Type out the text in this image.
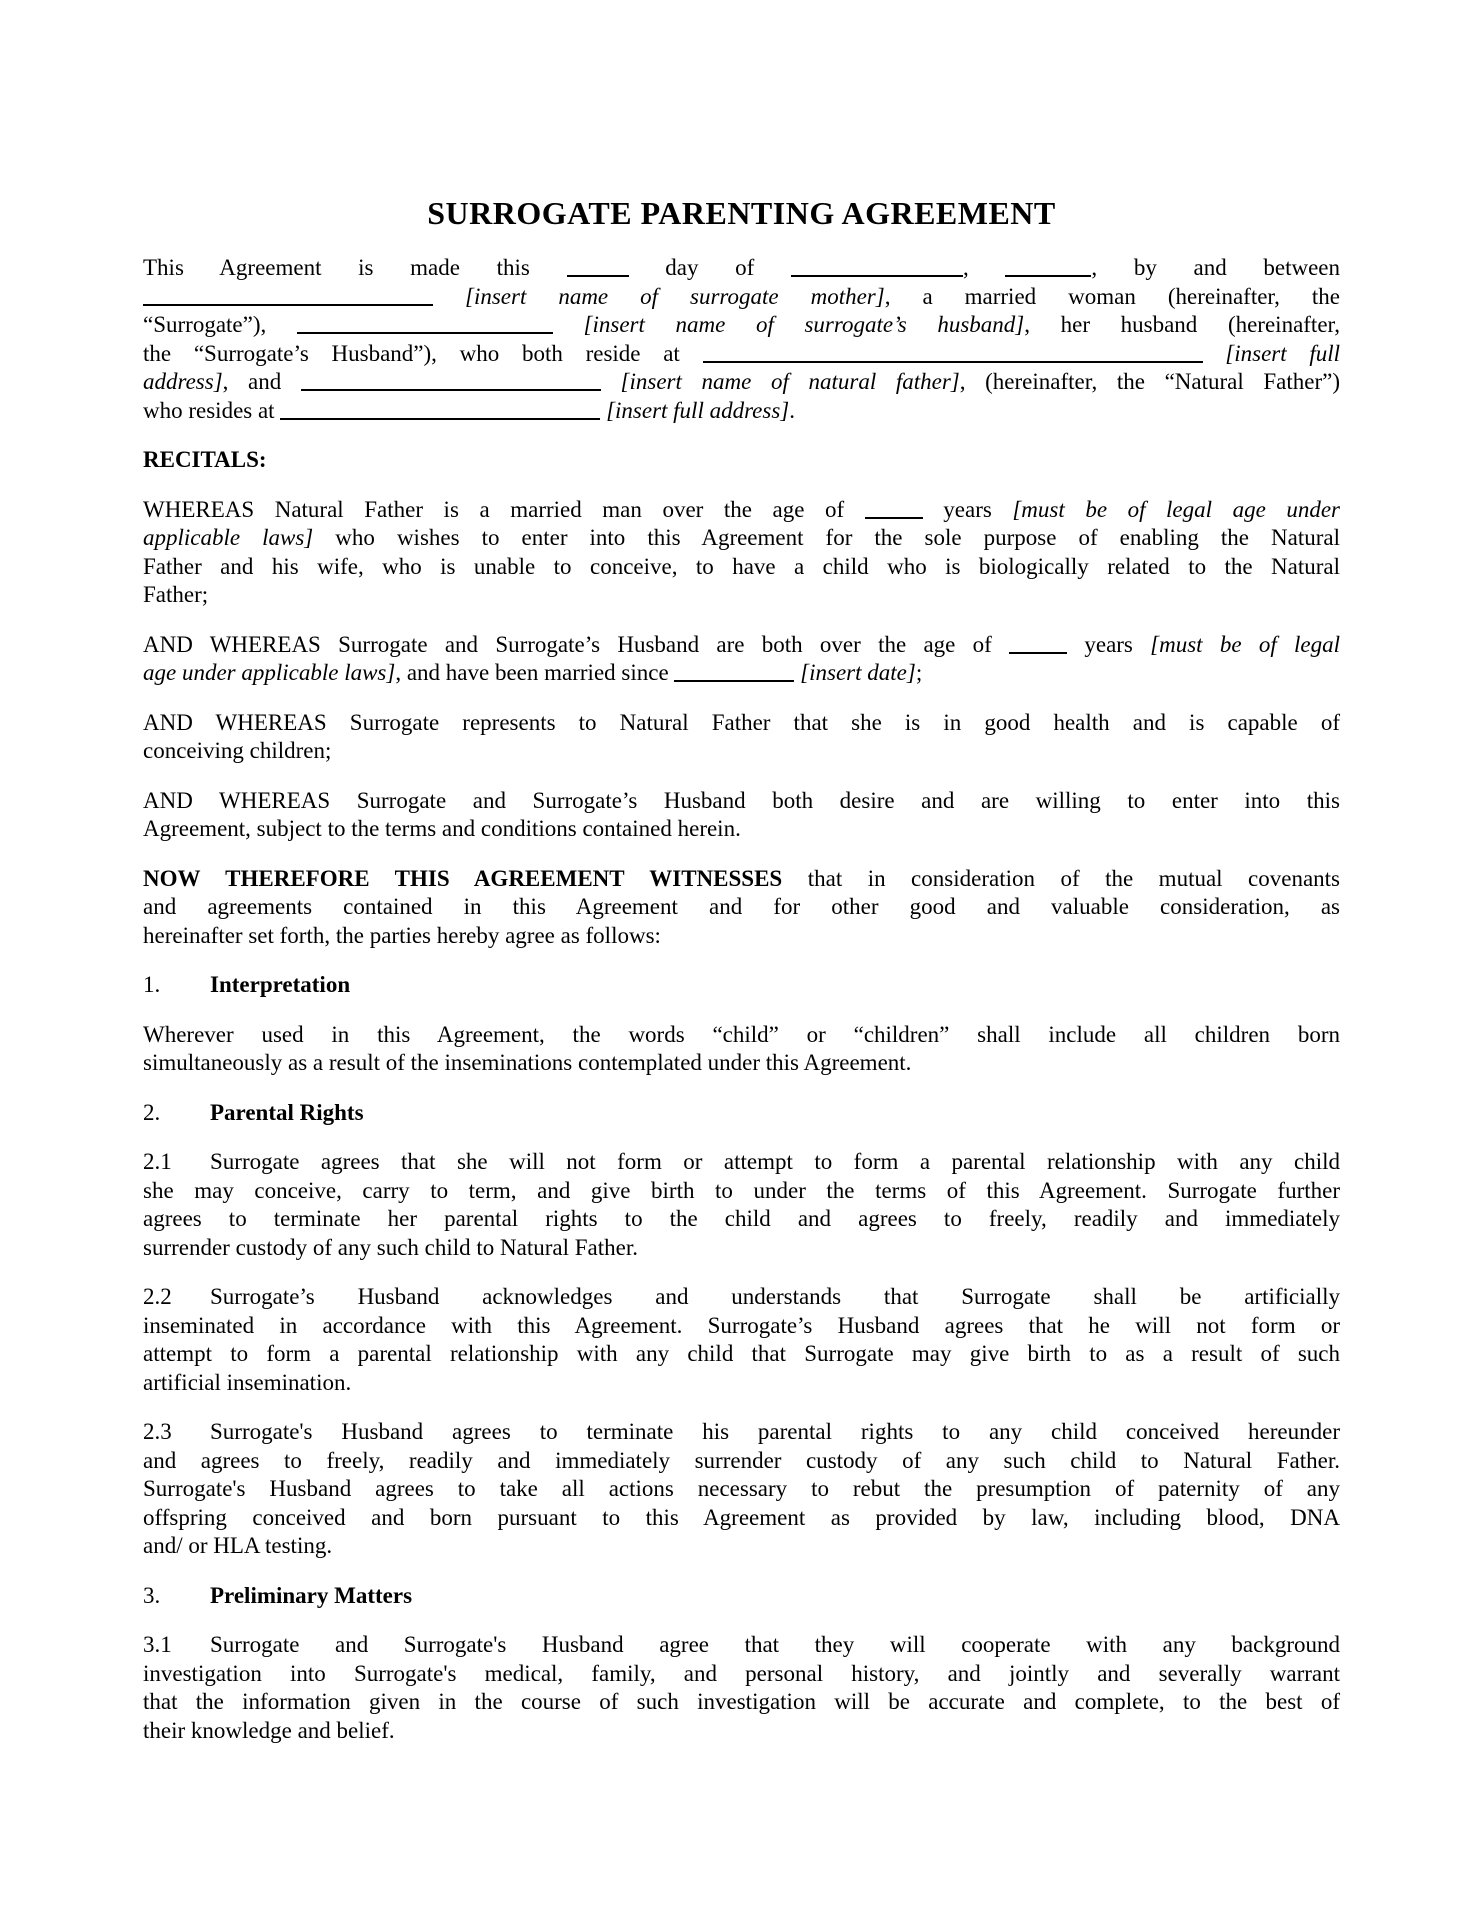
SURROGATE PARENTING AGREEMENT
This Agreement is made this	day of	,	, by and between
[insert name of surrogate mother], a married woman (hereinafter, the
“Surrogate”),	[insert name of surrogate’s husband], her husband (hereinafter,
the “Surrogate’s Husband”), who both reside at	[insert full
address], and	[insert name of natural father], (hereinafter, the “Natural Father”)
who resides at	[insert full address].
RECITALS:
WHEREAS Natural Father is a married man over the age of	years [must be of legal age under
applicable laws] who wishes to enter into this Agreement for the sole purpose of enabling the Natural
Father and his wife, who is unable to conceive, to have a child who is biologically related to the Natural
Father;
AND WHEREAS Surrogate and Surrogate’s Husband are both over the age of	years [must be of legal
age under applicable laws], and have been married since	[insert date];
AND WHEREAS Surrogate represents to Natural Father that she is in good health and is capable of
conceiving children;
AND WHEREAS Surrogate and Surrogate’s Husband both desire and are willing to enter into this
Agreement, subject to the terms and conditions contained herein.
NOW THEREFORE THIS AGREEMENT WITNESSES that in consideration of the mutual covenants
and agreements contained in this Agreement and for other good and valuable consideration, as
hereinafter set forth, the parties hereby agree as follows:
1. Interpretation
Wherever used in this Agreement, the words “child” or “children” shall include all children born
simultaneously as a result of the inseminations contemplated under this Agreement.
2. Parental Rights
2.1 Surrogate agrees that she will not form or attempt to form a parental relationship with any child
she may conceive, carry to term, and give birth to under the terms of this Agreement. Surrogate further
agrees to terminate her parental rights to the child and agrees to freely, readily and immediately
surrender custody of any such child to Natural Father.
2.2 Surrogate’s Husband acknowledges and understands that Surrogate shall be artificially
inseminated in accordance with this Agreement. Surrogate’s Husband agrees that he will not form or
attempt to form a parental relationship with any child that Surrogate may give birth to as a result of such
artificial insemination.
2.3 Surrogate's Husband agrees to terminate his parental rights to any child conceived hereunder
and agrees to freely, readily and immediately surrender custody of any such child to Natural Father.
Surrogate's Husband agrees to take all actions necessary to rebut the presumption of paternity of any
offspring conceived and born pursuant to this Agreement as provided by law, including blood, DNA
and/ or HLA testing.
3. Preliminary Matters
3.1 Surrogate and Surrogate's Husband agree that they will cooperate with any background
investigation into Surrogate's medical, family, and personal history, and jointly and severally warrant
that the information given in the course of such investigation will be accurate and complete, to the best of
their knowledge and belief.
